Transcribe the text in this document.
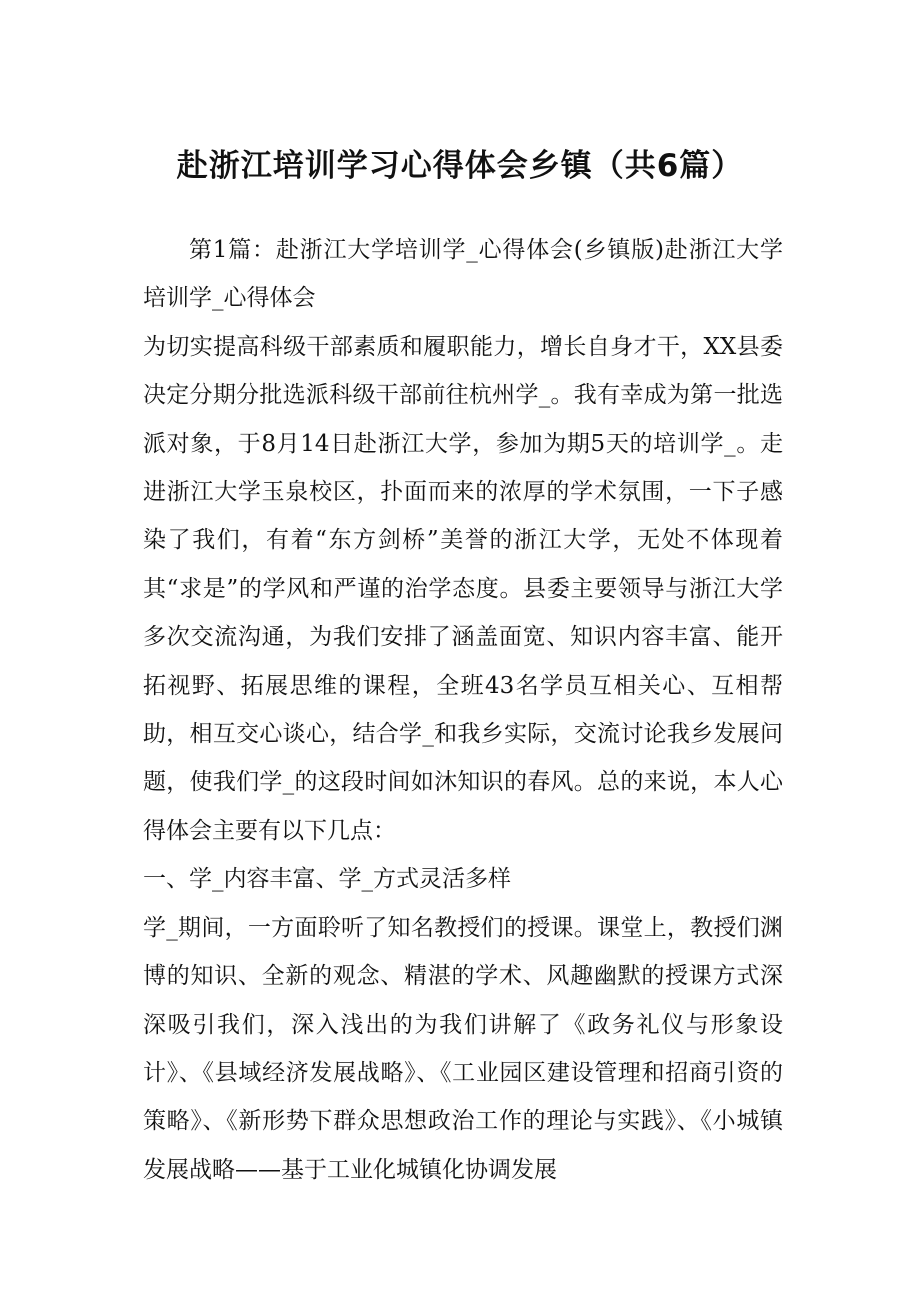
赴浙江培训学习心得体会乡镇（共6篇）

第1篇：赴浙江大学培训学_心得体会(乡镇版)赴浙江大学培训学_心得体会

为切实提高科级干部素质和履职能力，增长自身才干，XX县委决定分期分批选派科级干部前往杭州学_。我有幸成为第一批选派对象，于8月14日赴浙江大学，参加为期5天的培训学_。走进浙江大学玉泉校区，扑面而来的浓厚的学术氛围，一下子感染了我们，有着“东方剑桥”美誉的浙江大学，无处不体现着其“求是”的学风和严谨的治学态度。县委主要领导与浙江大学多次交流沟通，为我们安排了涵盖面宽、知识内容丰富、能开拓视野、拓展思维的课程，全班43名学员互相关心、互相帮助，相互交心谈心，结合学_和我乡实际，交流讨论我乡发展问题，使我们学_的这段时间如沐知识的春风。总的来说，本人心得体会主要有以下几点：

一、学_内容丰富、学_方式灵活多样

学_期间，一方面聆听了知名教授们的授课。课堂上，教授们渊博的知识、全新的观念、精湛的学术、风趣幽默的授课方式深深吸引我们，深入浅出的为我们讲解了《政务礼仪与形象设计》、《县域经济发展战略》、《工业园区建设管理和招商引资的策略》、《新形势下群众思想政治工作的理论与实践》、《小城镇发展战略——基于工业化城镇化协调发展
